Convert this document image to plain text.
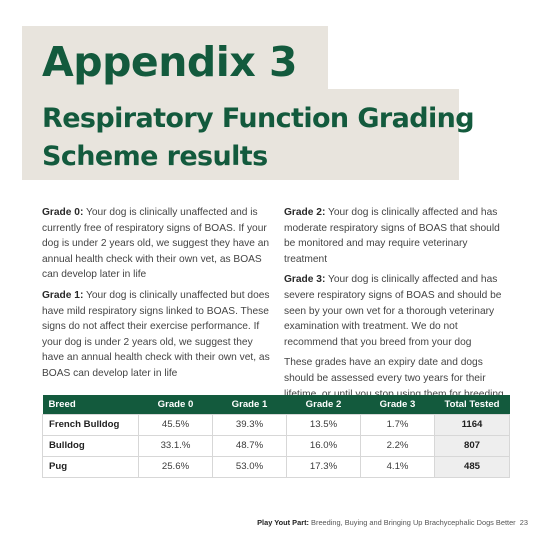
Appendix 3
Respiratory Function Grading
Scheme results

Grade 0: Your dog is clinically unaffected and is currently free of respiratory signs of BOAS. If your dog is under 2 years old, we suggest they have an annual health check with their own vet, as BOAS can develop later in life

Grade 1: Your dog is clinically unaffected but does have mild respiratory signs linked to BOAS. These signs do not affect their exercise performance. If your dog is under 2 years old, we suggest they have an annual health check with their own vet, as BOAS can develop later in life

Grade 2: Your dog is clinically affected and has moderate respiratory signs of BOAS that should be monitored and may require veterinary treatment

Grade 3: Your dog is clinically affected and has severe respiratory signs of BOAS and should be seen by your own vet for a thorough veterinary examination with treatment. We do not recommend that you breed from your dog

These grades have an expiry date and dogs should be assessed every two years for their

Breed	Grade 0	Grade 1	Grade 2	Grade 3	Total Tested
French Bulldog	45.5%	39.3%	13.5%	1.7%	1164
Bulldog	33.1.%	48.7%	16.0%	2.2%	807
Pug	25.6%	53.0%	17.3%	4.1%	485
Play Yout Part: Breeding, Buying and Bringing Up Brachycephalic Dogs Better 23
